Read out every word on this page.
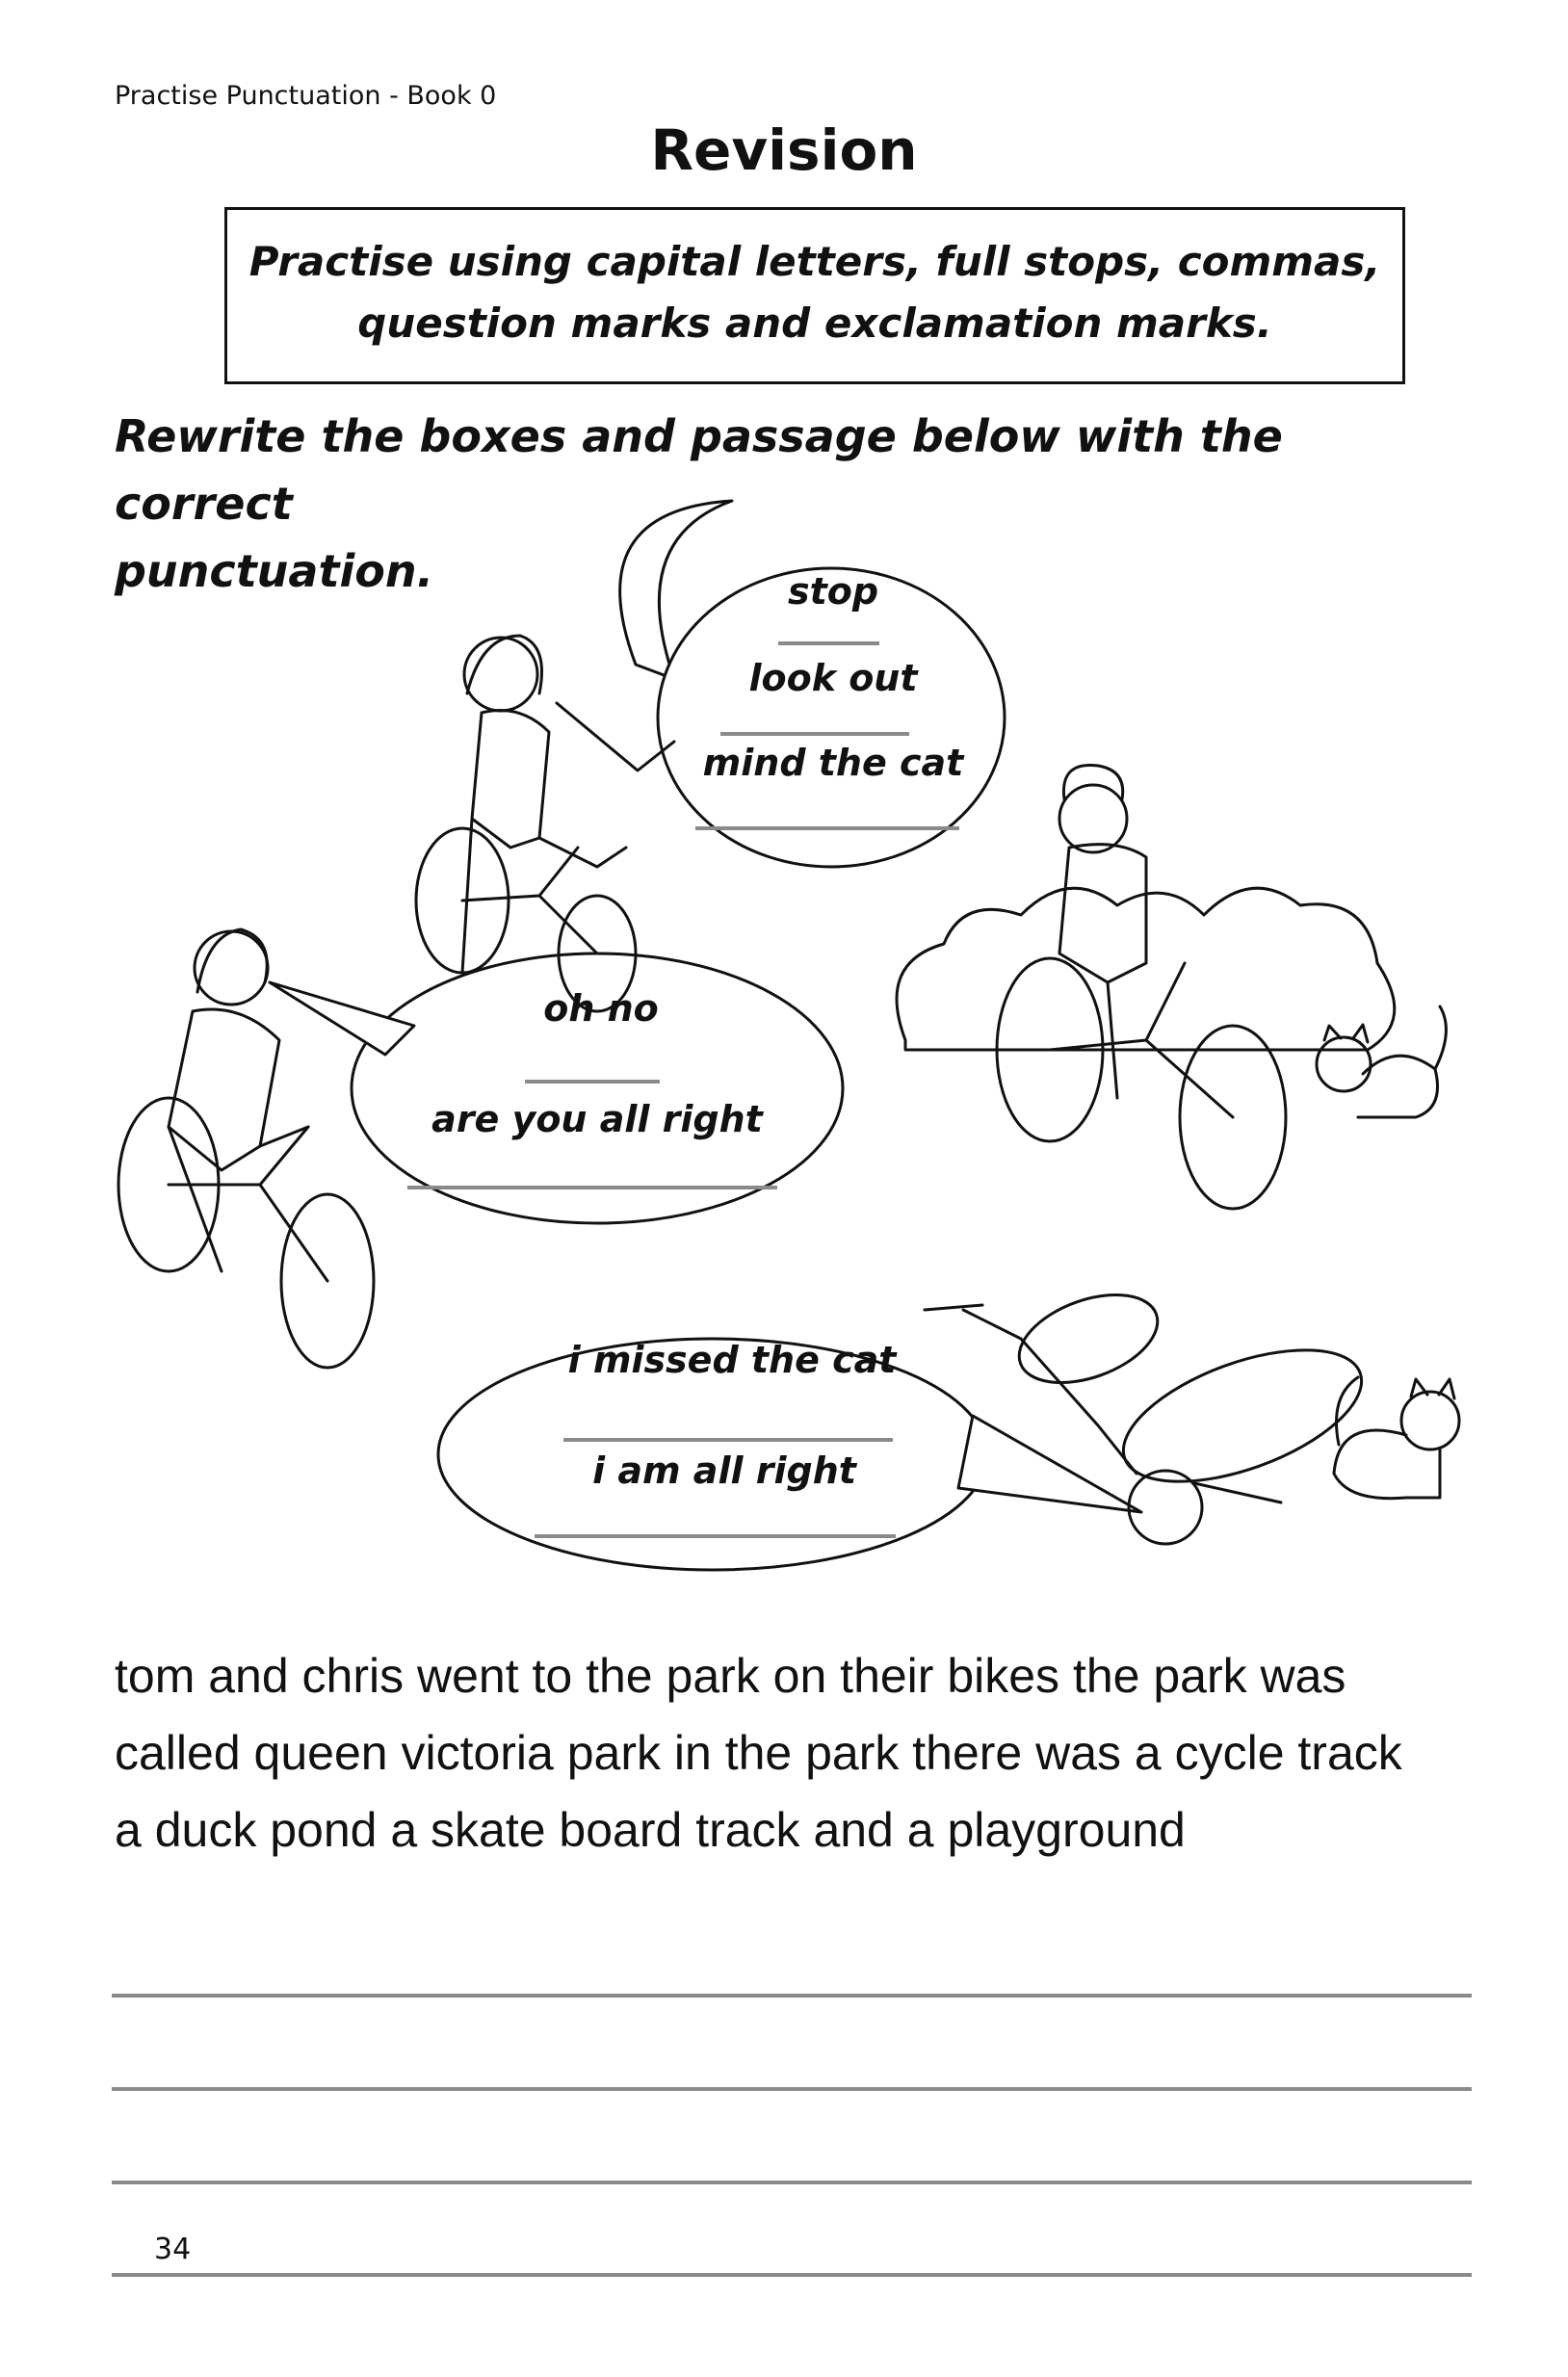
Practise Punctuation - Book 0
Revision
Practise using capital letters, full stops, commas,
question marks and exclamation marks.
Rewrite the boxes and passage below with the correct
punctuation.	stop
look out
mind the cat
oh no
are you all right
i missed the cat
i am all right
tom and chris went to the park on their bikes the park was
called queen victoria park in the park there was a cycle track
a duck pond a skate board track and a playground
34
